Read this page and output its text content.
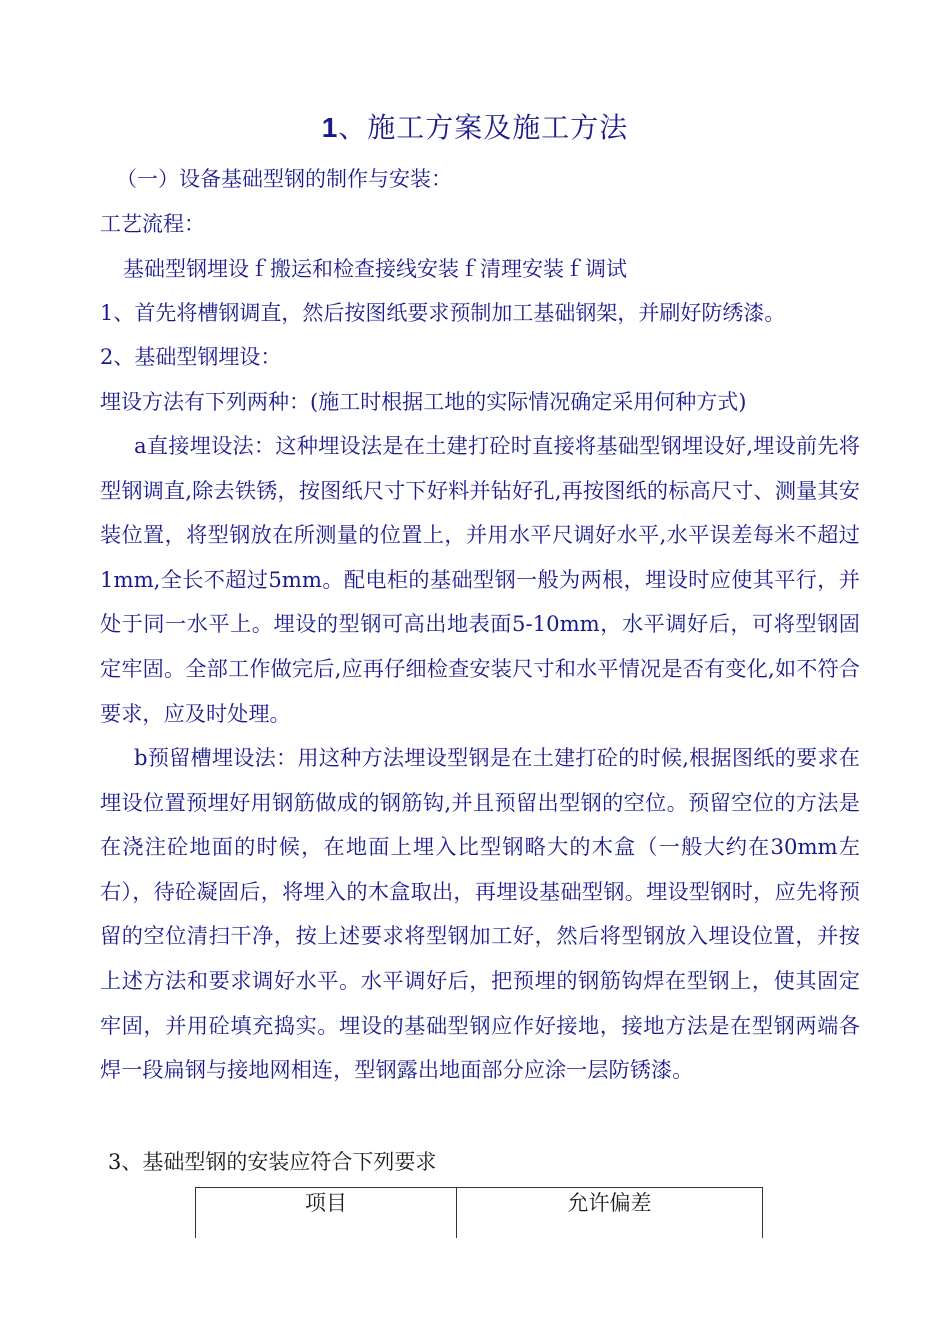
1、施工方案及施工方法
（一）设备基础型钢的制作与安装：
工艺流程：
基础型钢埋设ｆ搬运和检查接线安装ｆ清理安装ｆ调试
1、首先将槽钢调直，然后按图纸要求预制加工基础钢架，并刷好防绣漆。
2、基础型钢埋设：
埋设方法有下列两种：(施工时根据工地的实际情况确定采用何种方式)
a直接埋设法：这种埋设法是在土建打砼时直接将基础型钢埋设好,埋设前先将型钢调直,除去铁锈，按图纸尺寸下好料并钻好孔,再按图纸的标高尺寸、测量其安装位置，将型钢放在所测量的位置上，并用水平尺调好水平,水平误差每米不超过1mm,全长不超过5mm。配电柜的基础型钢一般为两根，埋设时应使其平行，并处于同一水平上。埋设的型钢可高出地表面5-10mm，水平调好后，可将型钢固定牢固。全部工作做完后,应再仔细检查安装尺寸和水平情况是否有变化,如不符合要求，应及时处理。
b预留槽埋设法：用这种方法埋设型钢是在土建打砼的时候,根据图纸的要求在埋设位置预埋好用钢筋做成的钢筋钩,并且预留出型钢的空位。预留空位的方法是在浇注砼地面的时候，在地面上埋入比型钢略大的木盒（一般大约在30mm左右），待砼凝固后，将埋入的木盒取出，再埋设基础型钢。埋设型钢时，应先将预留的空位清扫干净，按上述要求将型钢加工好，然后将型钢放入埋设位置，并按上述方法和要求调好水平。水平调好后，把预埋的钢筋钩焊在型钢上，使其固定牢固，并用砼填充捣实。埋设的基础型钢应作好接地，接地方法是在型钢两端各焊一段扁钢与接地网相连，型钢露出地面部分应涂一层防锈漆。
3、基础型钢的安装应符合下列要求
项目	允许偏差
